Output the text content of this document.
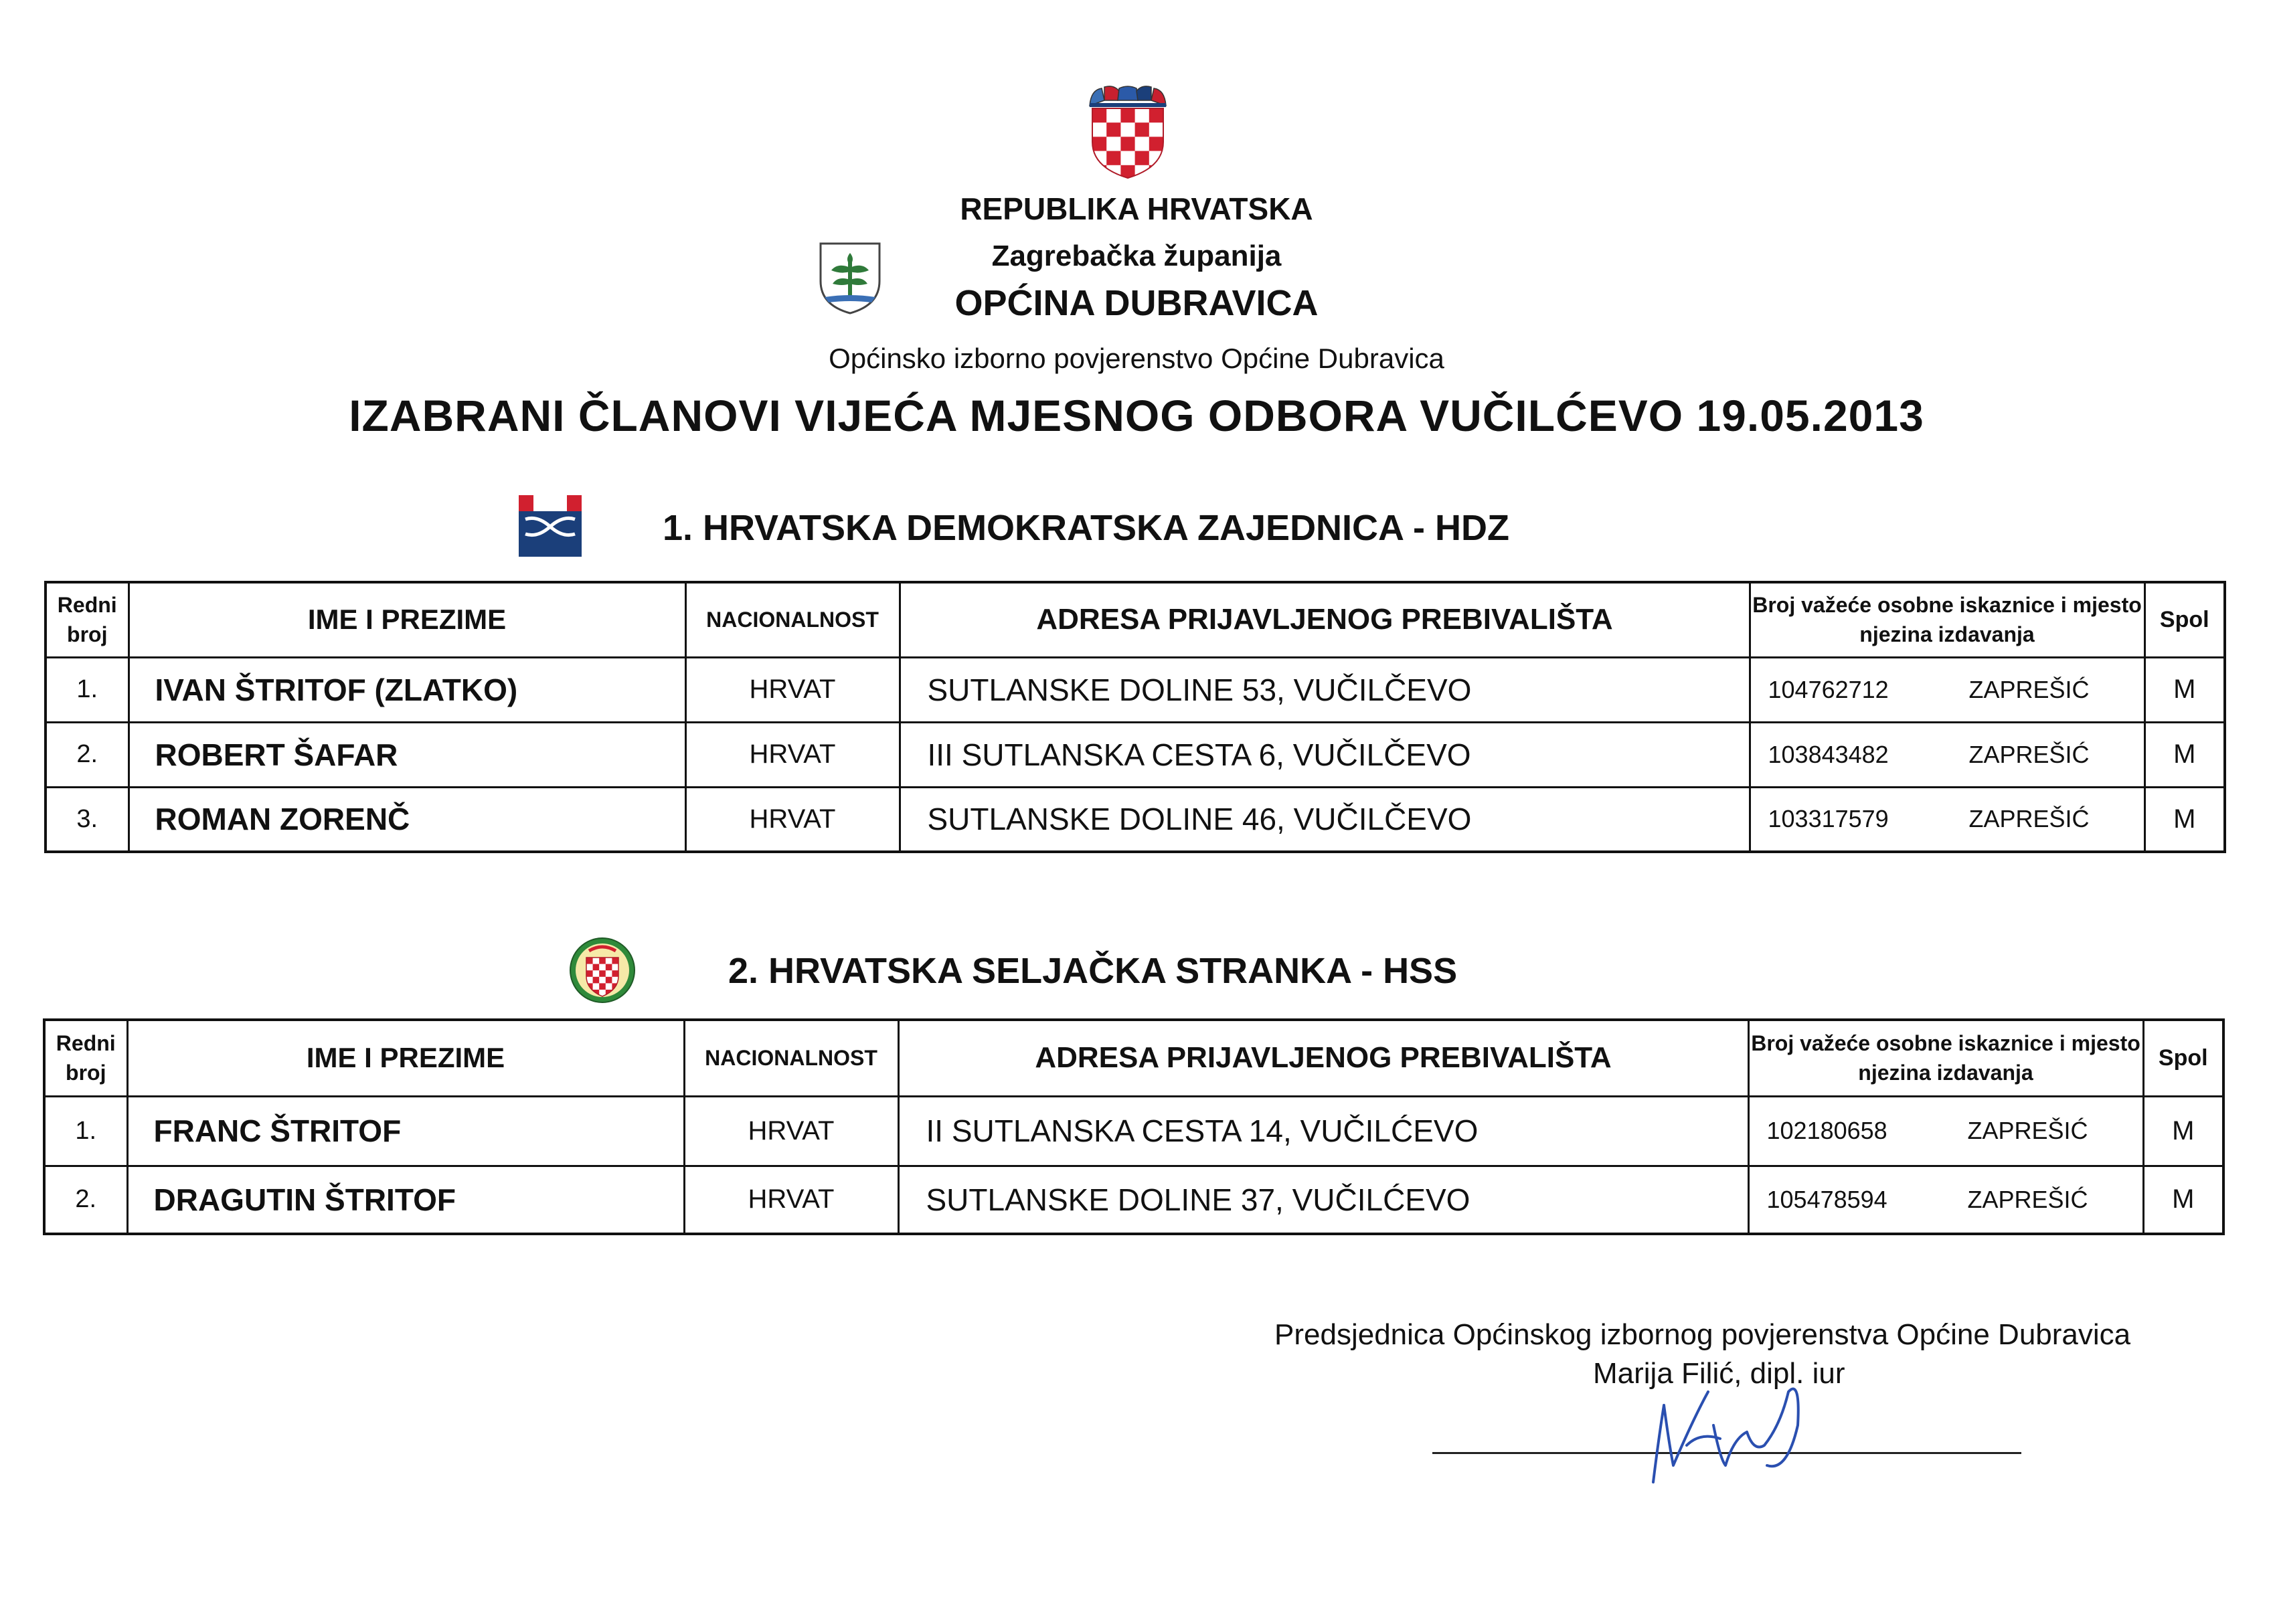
REPUBLIKA HRVATSKA
Zagrebačka županija
OPĆINA DUBRAVICA
Općinsko izborno povjerenstvo Općine Dubravica
IZABRANI ČLANOVI VIJEĆA MJESNOG ODBORA VUČILĆEVO 19.05.2013
1. HRVATSKA DEMOKRATSKA ZAJEDNICA - HDZ
Redni broj	IME I PREZIME	NACIONALNOST	ADRESA PRIJAVLJENOG PREBIVALIŠTA	Broj važeće osobne iskaznice i mjesto njezina izdavanja	Spol
1.	IVAN ŠTRITOF (ZLATKO)	HRVAT	SUTLANSKE DOLINE 53, VUČILČEVO	104762712 ZAPREŠIĆ	M
2.	ROBERT ŠAFAR	HRVAT	III SUTLANSKA CESTA 6, VUČILČEVO	103843482 ZAPREŠIĆ	M
3.	ROMAN ZORENČ	HRVAT	SUTLANSKE DOLINE 46, VUČILČEVO	103317579 ZAPREŠIĆ	M
2. HRVATSKA SELJAČKA STRANKA - HSS
Redni broj	IME I PREZIME	NACIONALNOST	ADRESA PRIJAVLJENOG PREBIVALIŠTA	Broj važeće osobne iskaznice i mjesto njezina izdavanja	Spol
1.	FRANC ŠTRITOF	HRVAT	II SUTLANSKA CESTA 14, VUČILĆEVO	102180658 ZAPREŠIĆ	M
2.	DRAGUTIN ŠTRITOF	HRVAT	SUTLANSKE DOLINE 37, VUČILĆEVO	105478594 ZAPREŠIĆ	M
Predsjednica Općinskog izbornog povjerenstva Općine Dubravica
Marija Filić, dipl. iur
